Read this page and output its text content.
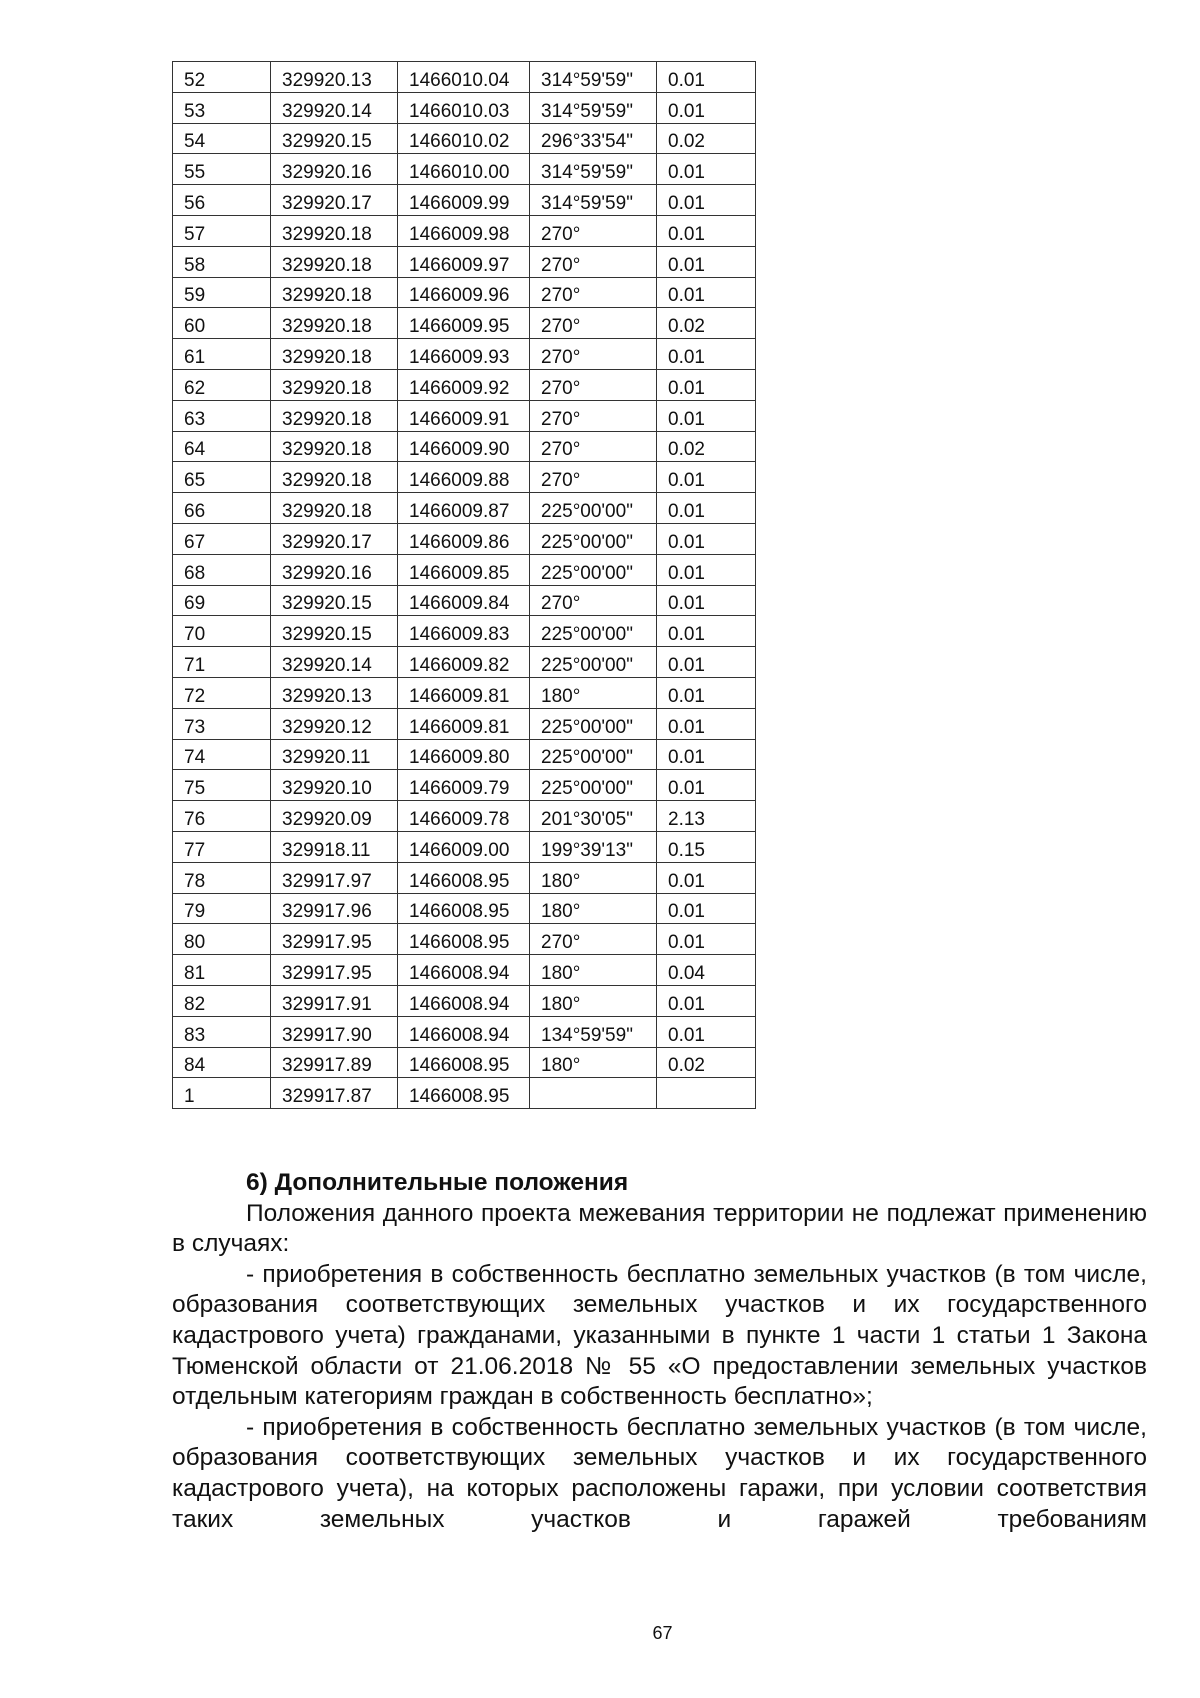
52	329920.13	1466010.04	314°59'59"	0.01
53	329920.14	1466010.03	314°59'59"	0.01
54	329920.15	1466010.02	296°33'54"	0.02
55	329920.16	1466010.00	314°59'59"	0.01
56	329920.17	1466009.99	314°59'59"	0.01
57	329920.18	1466009.98	270°	0.01
58	329920.18	1466009.97	270°	0.01
59	329920.18	1466009.96	270°	0.01
60	329920.18	1466009.95	270°	0.02
61	329920.18	1466009.93	270°	0.01
62	329920.18	1466009.92	270°	0.01
63	329920.18	1466009.91	270°	0.01
64	329920.18	1466009.90	270°	0.02
65	329920.18	1466009.88	270°	0.01
66	329920.18	1466009.87	225°00'00"	0.01
67	329920.17	1466009.86	225°00'00"	0.01
68	329920.16	1466009.85	225°00'00"	0.01
69	329920.15	1466009.84	270°	0.01
70	329920.15	1466009.83	225°00'00"	0.01
71	329920.14	1466009.82	225°00'00"	0.01
72	329920.13	1466009.81	180°	0.01
73	329920.12	1466009.81	225°00'00"	0.01
74	329920.11	1466009.80	225°00'00"	0.01
75	329920.10	1466009.79	225°00'00"	0.01
76	329920.09	1466009.78	201°30'05"	2.13
77	329918.11	1466009.00	199°39'13"	0.15
78	329917.97	1466008.95	180°	0.01
79	329917.96	1466008.95	180°	0.01
80	329917.95	1466008.95	270°	0.01
81	329917.95	1466008.94	180°	0.04
82	329917.91	1466008.94	180°	0.01
83	329917.90	1466008.94	134°59'59"	0.01
84	329917.89	1466008.95	180°	0.02
1	329917.87	1466008.95		

6) Дополнительные положения

Положения данного проекта межевания территории не подлежат применению в случаях:

- приобретения в собственность бесплатно земельных участков (в том числе, образования соответствующих земельных участков и их государственного кадастрового учета) гражданами, указанными в пункте 1 части 1 статьи 1 Закона Тюменской области от 21.06.2018 № 55 «О предоставлении земельных участков отдельным категориям граждан в собственность бесплатно»;

- приобретения в собственность бесплатно земельных участков (в том числе, образования соответствующих земельных участков и их государственного кадастрового учета), на которых расположены гаражи, при условии соответствия таких земельных участков и гаражей требованиям

67
